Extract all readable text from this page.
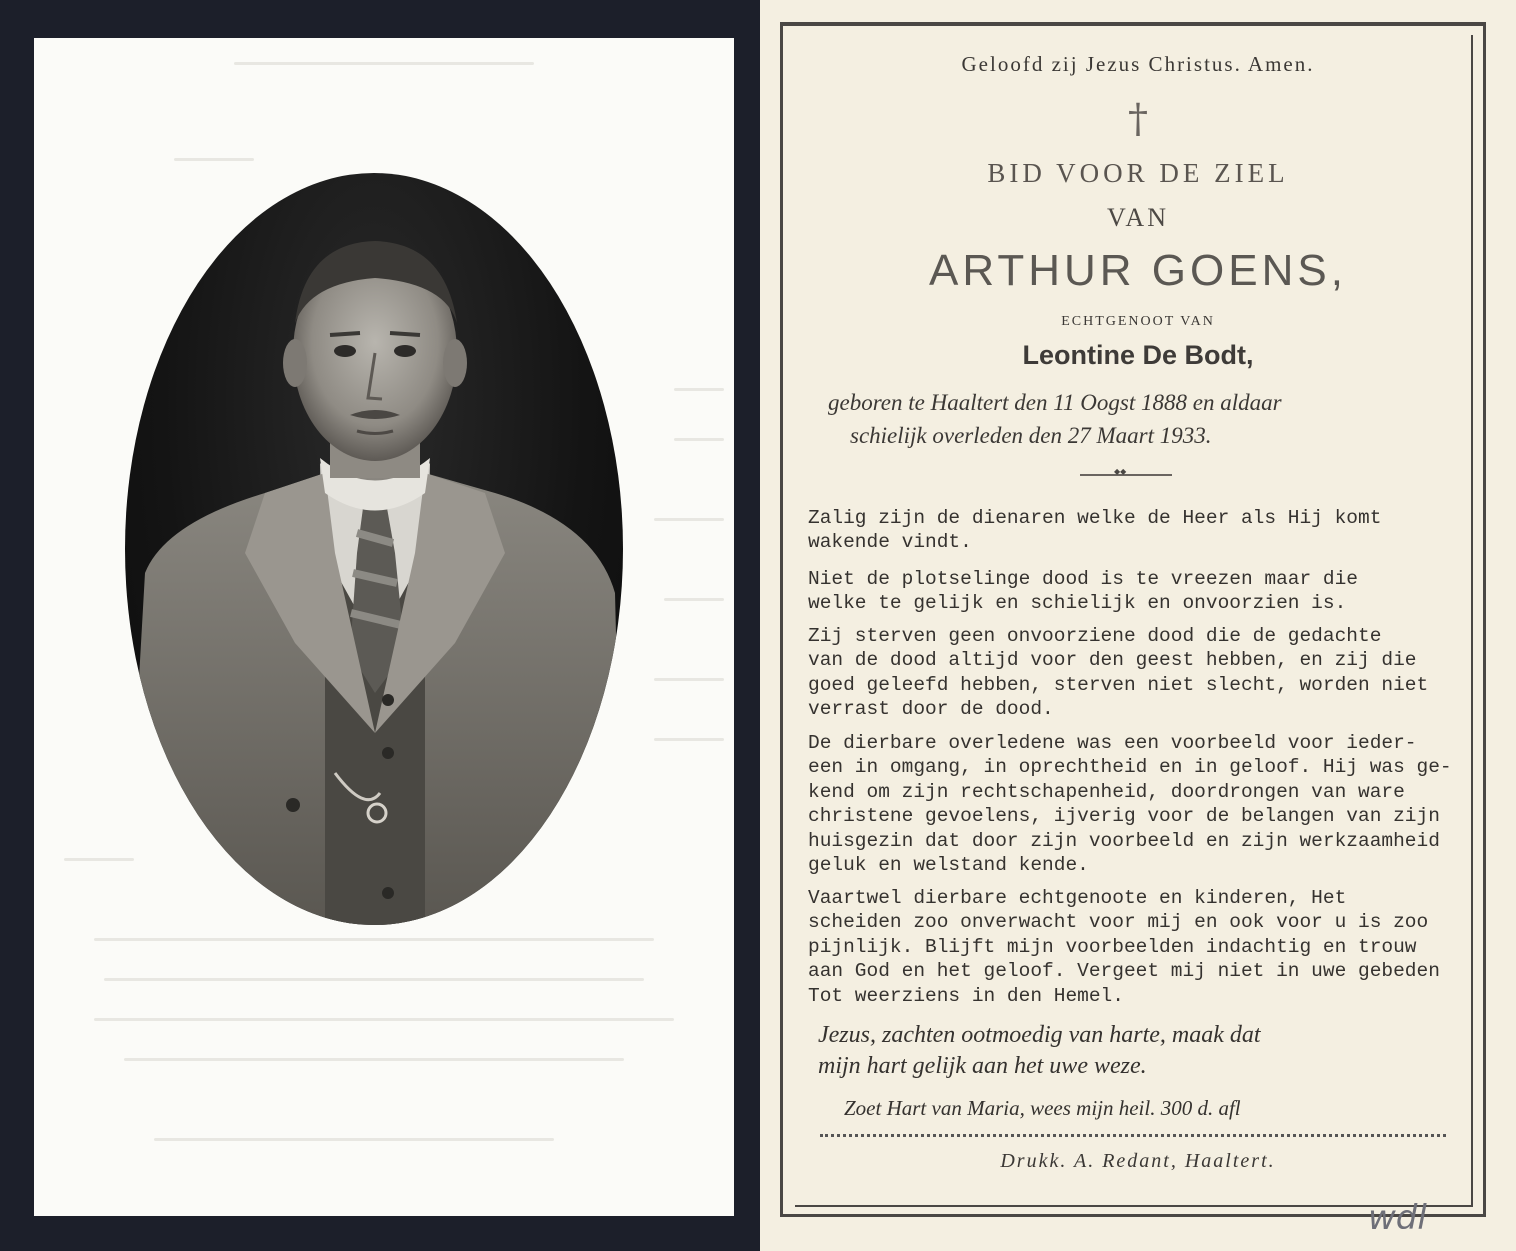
Geloofd zij Jezus Christus. Amen.
†
BID VOOR DE ZIEL
VAN
ARTHUR GOENS,
ECHTGENOOT VAN
Leontine De Bodt,
geboren te Haaltert den 11 Oogst 1888 en aldaar
schielijk overleden den 27 Maart 1933.
◆◆
Zalig zijn de dienaren welke de Heer als Hij komt
wakende vindt.
Niet de plotselinge dood is te vreezen maar die
welke te gelijk en schielijk en onvoorzien is.
Zij sterven geen onvoorziene dood die de gedachte
van de dood altijd voor den geest hebben, en zij die
goed geleefd hebben, sterven niet slecht, worden niet
verrast door de dood.
De dierbare overledene was een voorbeeld voor ieder-
een in omgang, in oprechtheid en in geloof. Hij was ge-
kend om zijn rechtschapenheid, doordrongen van ware
christene gevoelens, ijverig voor de belangen van zijn
huisgezin dat door zijn voorbeeld en zijn werkzaamheid
geluk en welstand kende.
Vaartwel dierbare echtgenoote en kinderen, Het
scheiden zoo onverwacht voor mij en ook voor u is zoo
pijnlijk. Blijft mijn voorbeelden indachtig en trouw
aan God en het geloof. Vergeet mij niet in uwe gebeden
Tot weerziens in den Hemel.
Jezus, zachten ootmoedig van harte, maak dat
mijn hart gelijk aan het uwe weze.
Zoet Hart van Maria, wees mijn heil. 300 d. afl
Drukk. A. Redant, Haaltert.
wdl
